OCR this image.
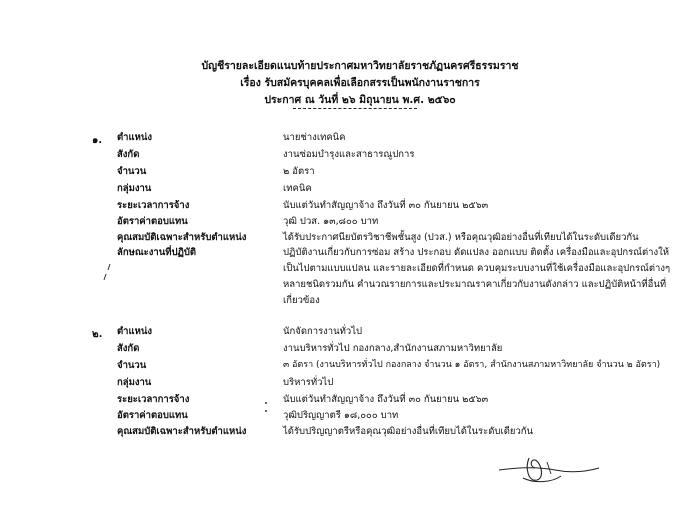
บัญชีรายละเอียดแนบท้ายประกาศมหาวิทยาลัยราชภัฏนครศรีธรรมราช
เรื่อง รับสมัครบุคคลเพื่อเลือกสรรเป็นพนักงานราชการ
ประกาศ ณ วันที่ ๒๖ มิถุนายน พ.ศ. ๒๕๖๐
๑. ตำแหน่ง	นายช่างเทคนิค
สังกัด	งานซ่อมบำรุงและสาธารณูปการ
จำนวน	๒ อัตรา
กลุ่มงาน	เทคนิค
ระยะเวลาการจ้าง	นับแต่วันทำสัญญาจ้าง ถึงวันที่ ๓๐ กันยายน ๒๕๖๓
อัตราค่าตอบแทน	วุฒิ ปวส. ๑๓,๘๐๐ บาท
คุณสมบัติเฉพาะสำหรับตำแหน่ง	ได้รับประกาศนียบัตรวิชาชีพชั้นสูง (ปวส.) หรือคุณวุฒิอย่างอื่นที่เทียบได้ในระดับเดียวกัน
ลักษณะงานที่ปฏิบัติ	ปฏิบัติงานเกี่ยวกับการซ่อม สร้าง ประกอบ ดัดแปลง ออกแบบ ติดตั้ง เครื่องมือและอุปกรณ์ต่างให้
เป็นไปตามแบบแปลน และรายละเอียดที่กำหนด ควบคุมระบบงานที่ใช้เครื่องมือและอุปกรณ์ต่างๆ
หลายชนิดรวมกัน คำนวณรายการและประมาณราคาเกี่ยวกับงานดังกล่าว และปฏิบัติหน้าที่อื่นที่
เกี่ยวข้อง
๒. ตำแหน่ง	นักจัดการงานทั่วไป
สังกัด	งานบริหารทั่วไป กองกลาง,สำนักงานสภามหาวิทยาลัย
จำนวน	๓ อัตรา (งานบริหารทั่วไป กองกลาง จำนวน ๑ อัตรา, สำนักงานสภามหาวิทยาลัย จำนวน ๒ อัตรา)
กลุ่มงาน	บริหารทั่วไป
ระยะเวลาการจ้าง	นับแต่วันทำสัญญาจ้าง ถึงวันที่ ๓๐ กันยายน ๒๕๖๓
อัตราค่าตอบแทน	วุฒิปริญญาตรี ๑๘,๐๐๐ บาท
คุณสมบัติเฉพาะสำหรับตำแหน่ง	ได้รับปริญญาตรีหรือคุณวุฒิอย่างอื่นที่เทียบได้ในระดับเดียวกัน
